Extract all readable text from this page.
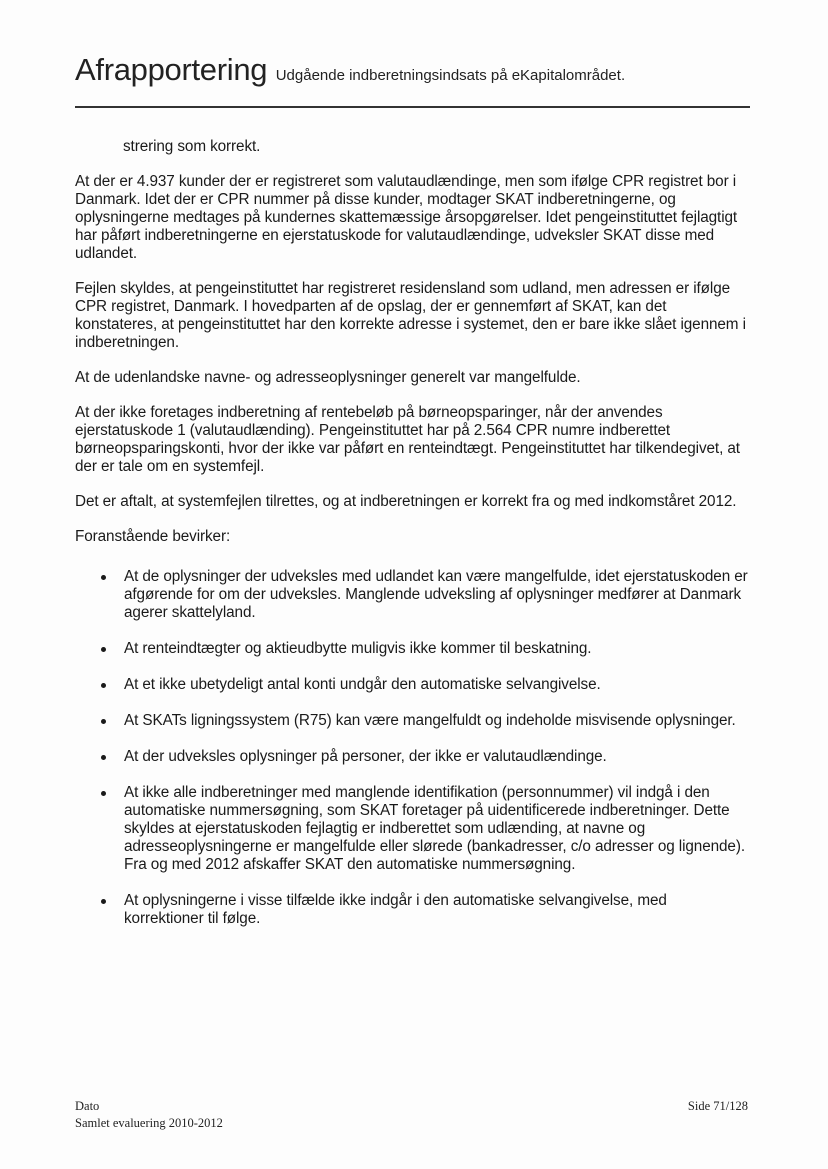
Afrapportering Udgående indberetningsindsats på eKapitalområdet.

strering som korrekt.

At der er 4.937 kunder der er registreret som valutaudlændinge, men som ifølge CPR registret bor i Danmark. Idet der er CPR nummer på disse kunder, modtager SKAT indberetningerne, og oplysningerne medtages på kundernes skattemæssige årsopgørelser. Idet pengeinstituttet fejlagtigt har påført indberetningerne en ejerstatuskode for valutaudlændinge, udveksler SKAT disse med udlandet.

Fejlen skyldes, at pengeinstituttet har registreret residensland som udland, men adressen er ifølge CPR registret, Danmark. I hovedparten af de opslag, der er gennemført af SKAT, kan det konstateres, at pengeinstituttet har den korrekte adresse i systemet, den er bare ikke slået igennem i indberetningen.

At de udenlandske navne- og adresseoplysninger generelt var mangelfulde.

At der ikke foretages indberetning af rentebeløb på børneopsparinger, når der anvendes ejerstatuskode 1 (valutaudlænding). Pengeinstituttet har på 2.564 CPR numre indberettet børneopsparingskonti, hvor der ikke var påført en renteindtægt. Pengeinstituttet har tilkendegivet, at der er tale om en systemfejl.

Det er aftalt, at systemfejlen tilrettes, og at indberetningen er korrekt fra og med indkomståret 2012.

Foranstående bevirker:

At de oplysninger der udveksles med udlandet kan være mangelfulde, idet ejerstatuskoden er afgørende for om der udveksles. Manglende udveksling af oplysninger medfører at Danmark agerer skattelyland.
At renteindtægter og aktieudbytte muligvis ikke kommer til beskatning.
At et ikke ubetydeligt antal konti undgår den automatiske selvangivelse.
At SKATs ligningssystem (R75) kan være mangelfuldt og indeholde misvisende oplysninger.
At der udveksles oplysninger på personer, der ikke er valutaudlændinge.
At ikke alle indberetninger med manglende identifikation (personnummer) vil indgå i den automatiske nummersøgning, som SKAT foretager på uidentificerede indberetninger. Dette skyldes at ejerstatuskoden fejlagtig er indberettet som udlænding, at navne og adresseoplysningerne er mangelfulde eller slørede (bankadresser, c/o adresser og lignende). Fra og med 2012 afskaffer SKAT den automatiske nummersøgning.
At oplysningerne i visse tilfælde ikke indgår i den automatiske selvangivelse, med korrektioner til følge.
Dato
Samlet evaluering 2010-2012
Side 71/128
